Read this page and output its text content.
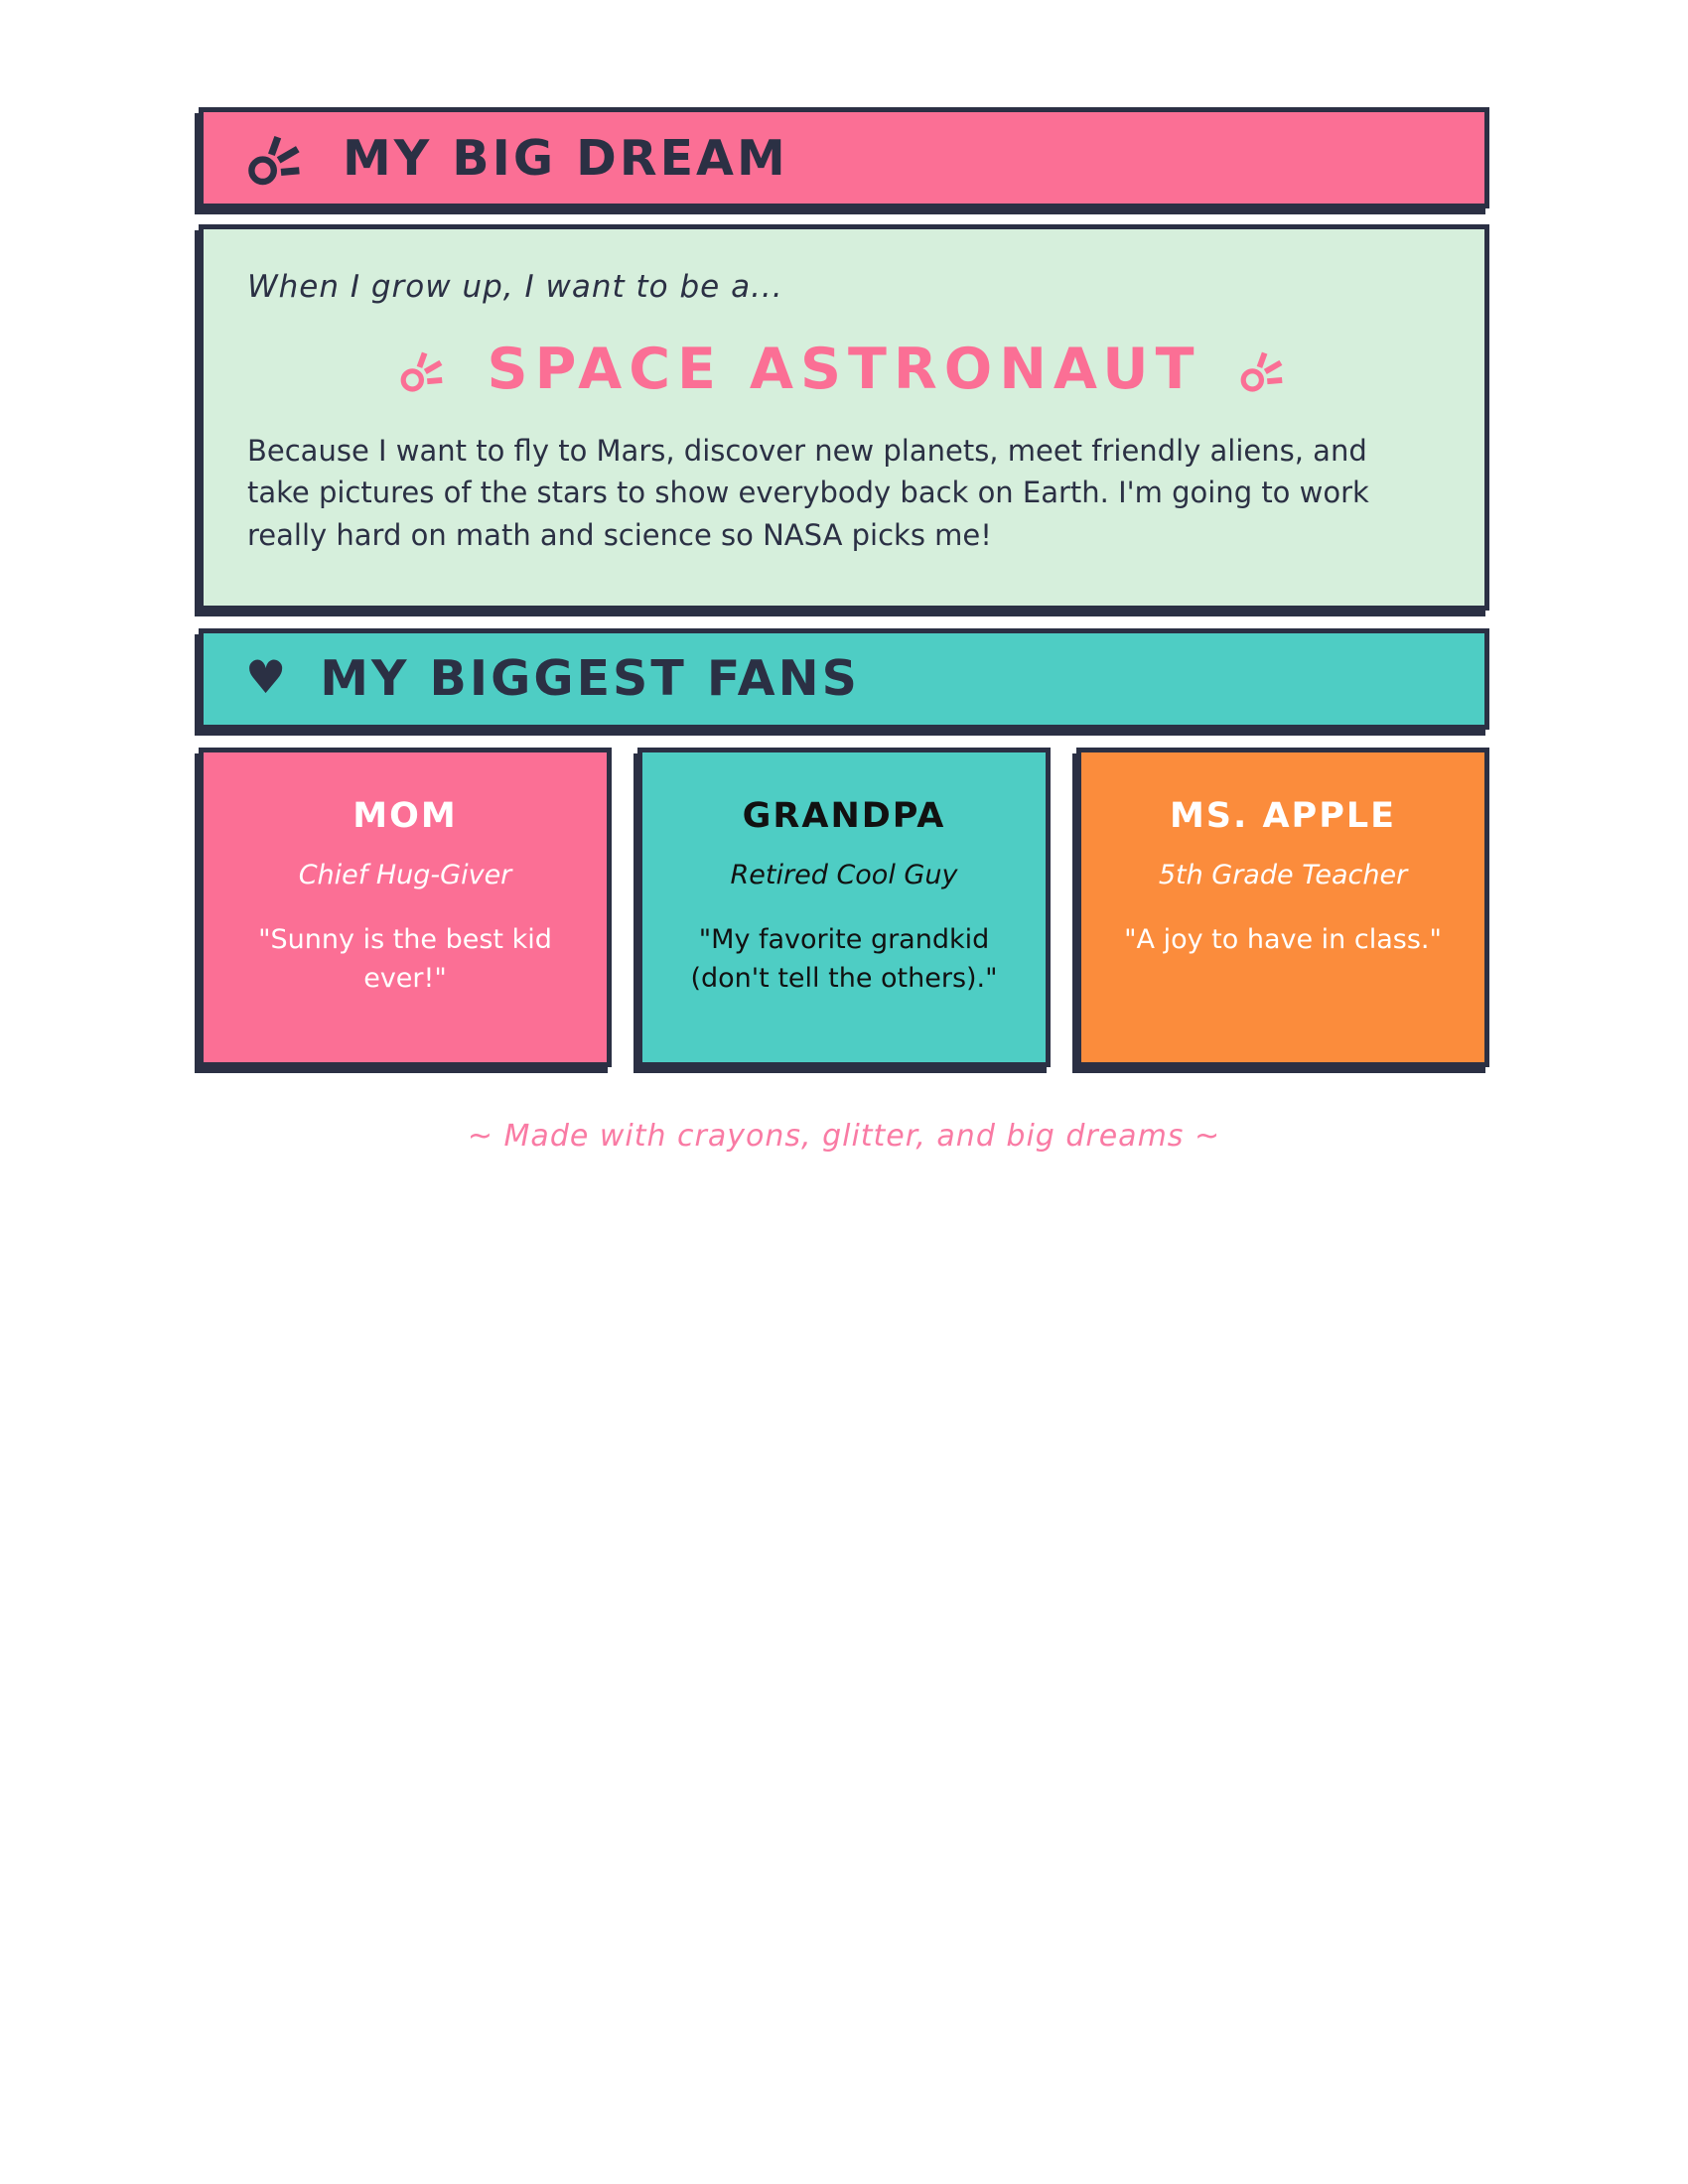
MY BIG DREAM
When I grow up, I want to be a...
SPACE ASTRONAUT
Because I want to fly to Mars, discover new planets, meet friendly aliens, and take pictures of the stars to show everybody back on Earth. I'm going to work really hard on math and science so NASA picks me!
♥ MY BIGGEST FANS
MOM
Chief Hug-Giver
"Sunny is the best kid ever!"
GRANDPA
Retired Cool Guy
"My favorite grandkid (don't tell the others)."
MS. APPLE
5th Grade Teacher
"A joy to have in class."
~ Made with crayons, glitter, and big dreams ~
